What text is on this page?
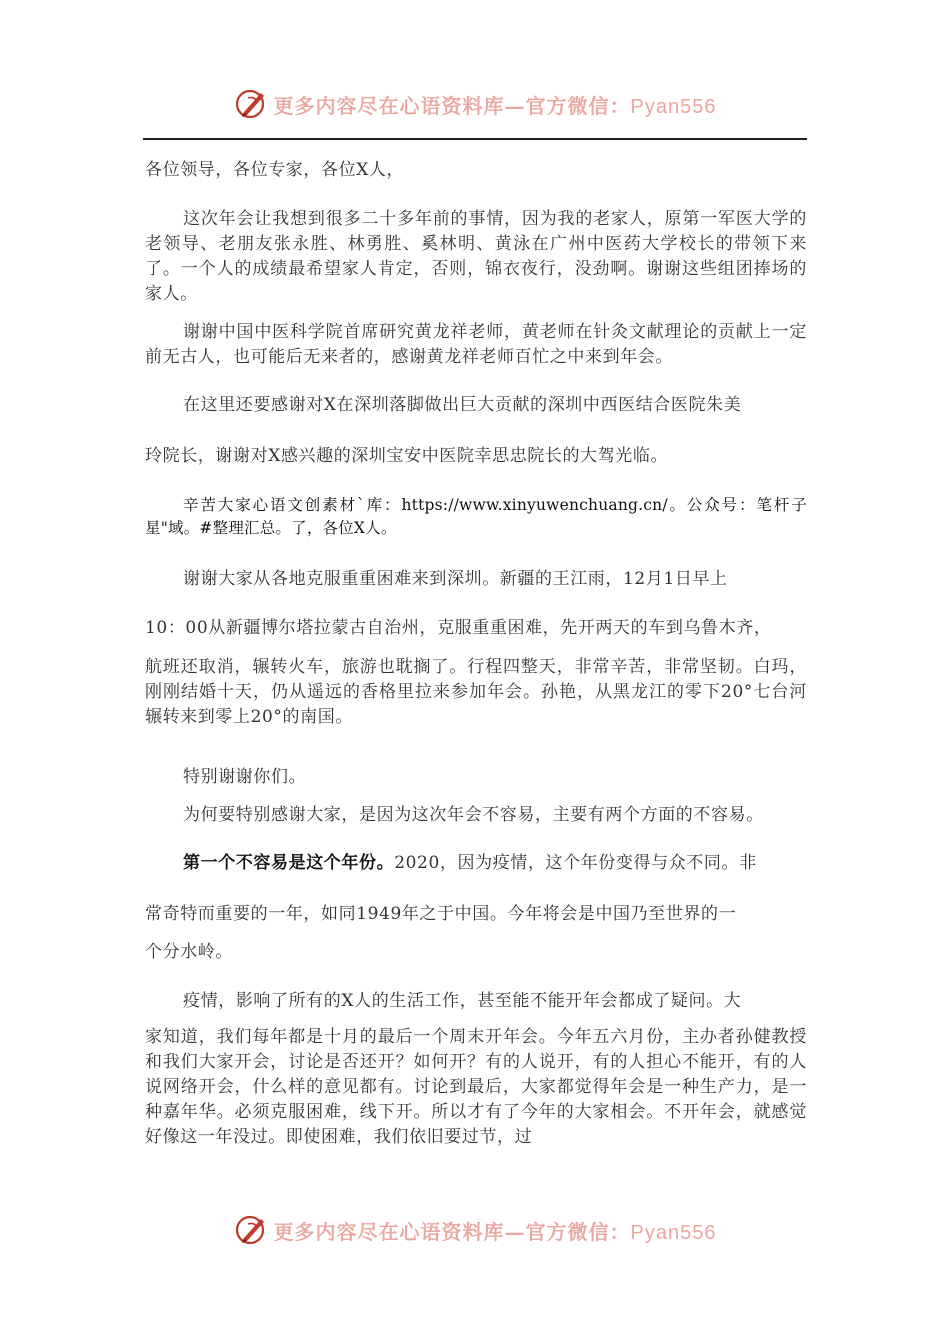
更多内容尽在心语资料库—官方微信：Pyan556
各位领导，各位专家，各位X人，
这次年会让我想到很多二十多年前的事情，因为我的老家人，原第一军医大学的老领导、老朋友张永胜、林勇胜、奚林明、黄泳在广州中医药大学校长的带领下来了。一个人的成绩最希望家人肯定，否则，锦衣夜行，没劲啊。谢谢这些组团捧场的家人。
谢谢中国中医科学院首席研究黄龙祥老师，黄老师在针灸文献理论的贡献上一定前无古人，也可能后无来者的，感谢黄龙祥老师百忙之中来到年会。
在这里还要感谢对X在深圳落脚做出巨大贡献的深圳中西医结合医院朱美
玲院长，谢谢对X感兴趣的深圳宝安中医院幸思忠院长的大驾光临。
辛苦大家心语文创素材`库：https://www.xinyuwenchuang.cn/。公众号：笔杆子星"域。#整理汇总。了，各位X人。
谢谢大家从各地克服重重困难来到深圳。新疆的王江雨，12月1日早上
10：00从新疆博尔塔拉蒙古自治州，克服重重困难，先开两天的车到乌鲁木齐，
航班还取消，辗转火车，旅游也耽搁了。行程四整天，非常辛苦，非常坚韧。白玛，刚刚结婚十天，仍从遥远的香格里拉来参加年会。孙艳，从黑龙江的零下20°七台河辗转来到零上20°的南国。
特别谢谢你们。
为何要特别感谢大家，是因为这次年会不容易，主要有两个方面的不容易。
第一个不容易是这个年份。2020，因为疫情，这个年份变得与众不同。非
常奇特而重要的一年，如同1949年之于中国。今年将会是中国乃至世界的一
个分水岭。
疫情，影响了所有的X人的生活工作，甚至能不能开年会都成了疑问。大
家知道，我们每年都是十月的最后一个周末开年会。今年五六月份，主办者孙健教授和我们大家开会，讨论是否还开？如何开？有的人说开，有的人担心不能开，有的人说网络开会，什么样的意见都有。讨论到最后，大家都觉得年会是一种生产力，是一种嘉年华。必须克服困难，线下开。所以才有了今年的大家相会。不开年会，就感觉好像这一年没过。即使困难，我们依旧要过节，过
更多内容尽在心语资料库—官方微信：Pyan556
